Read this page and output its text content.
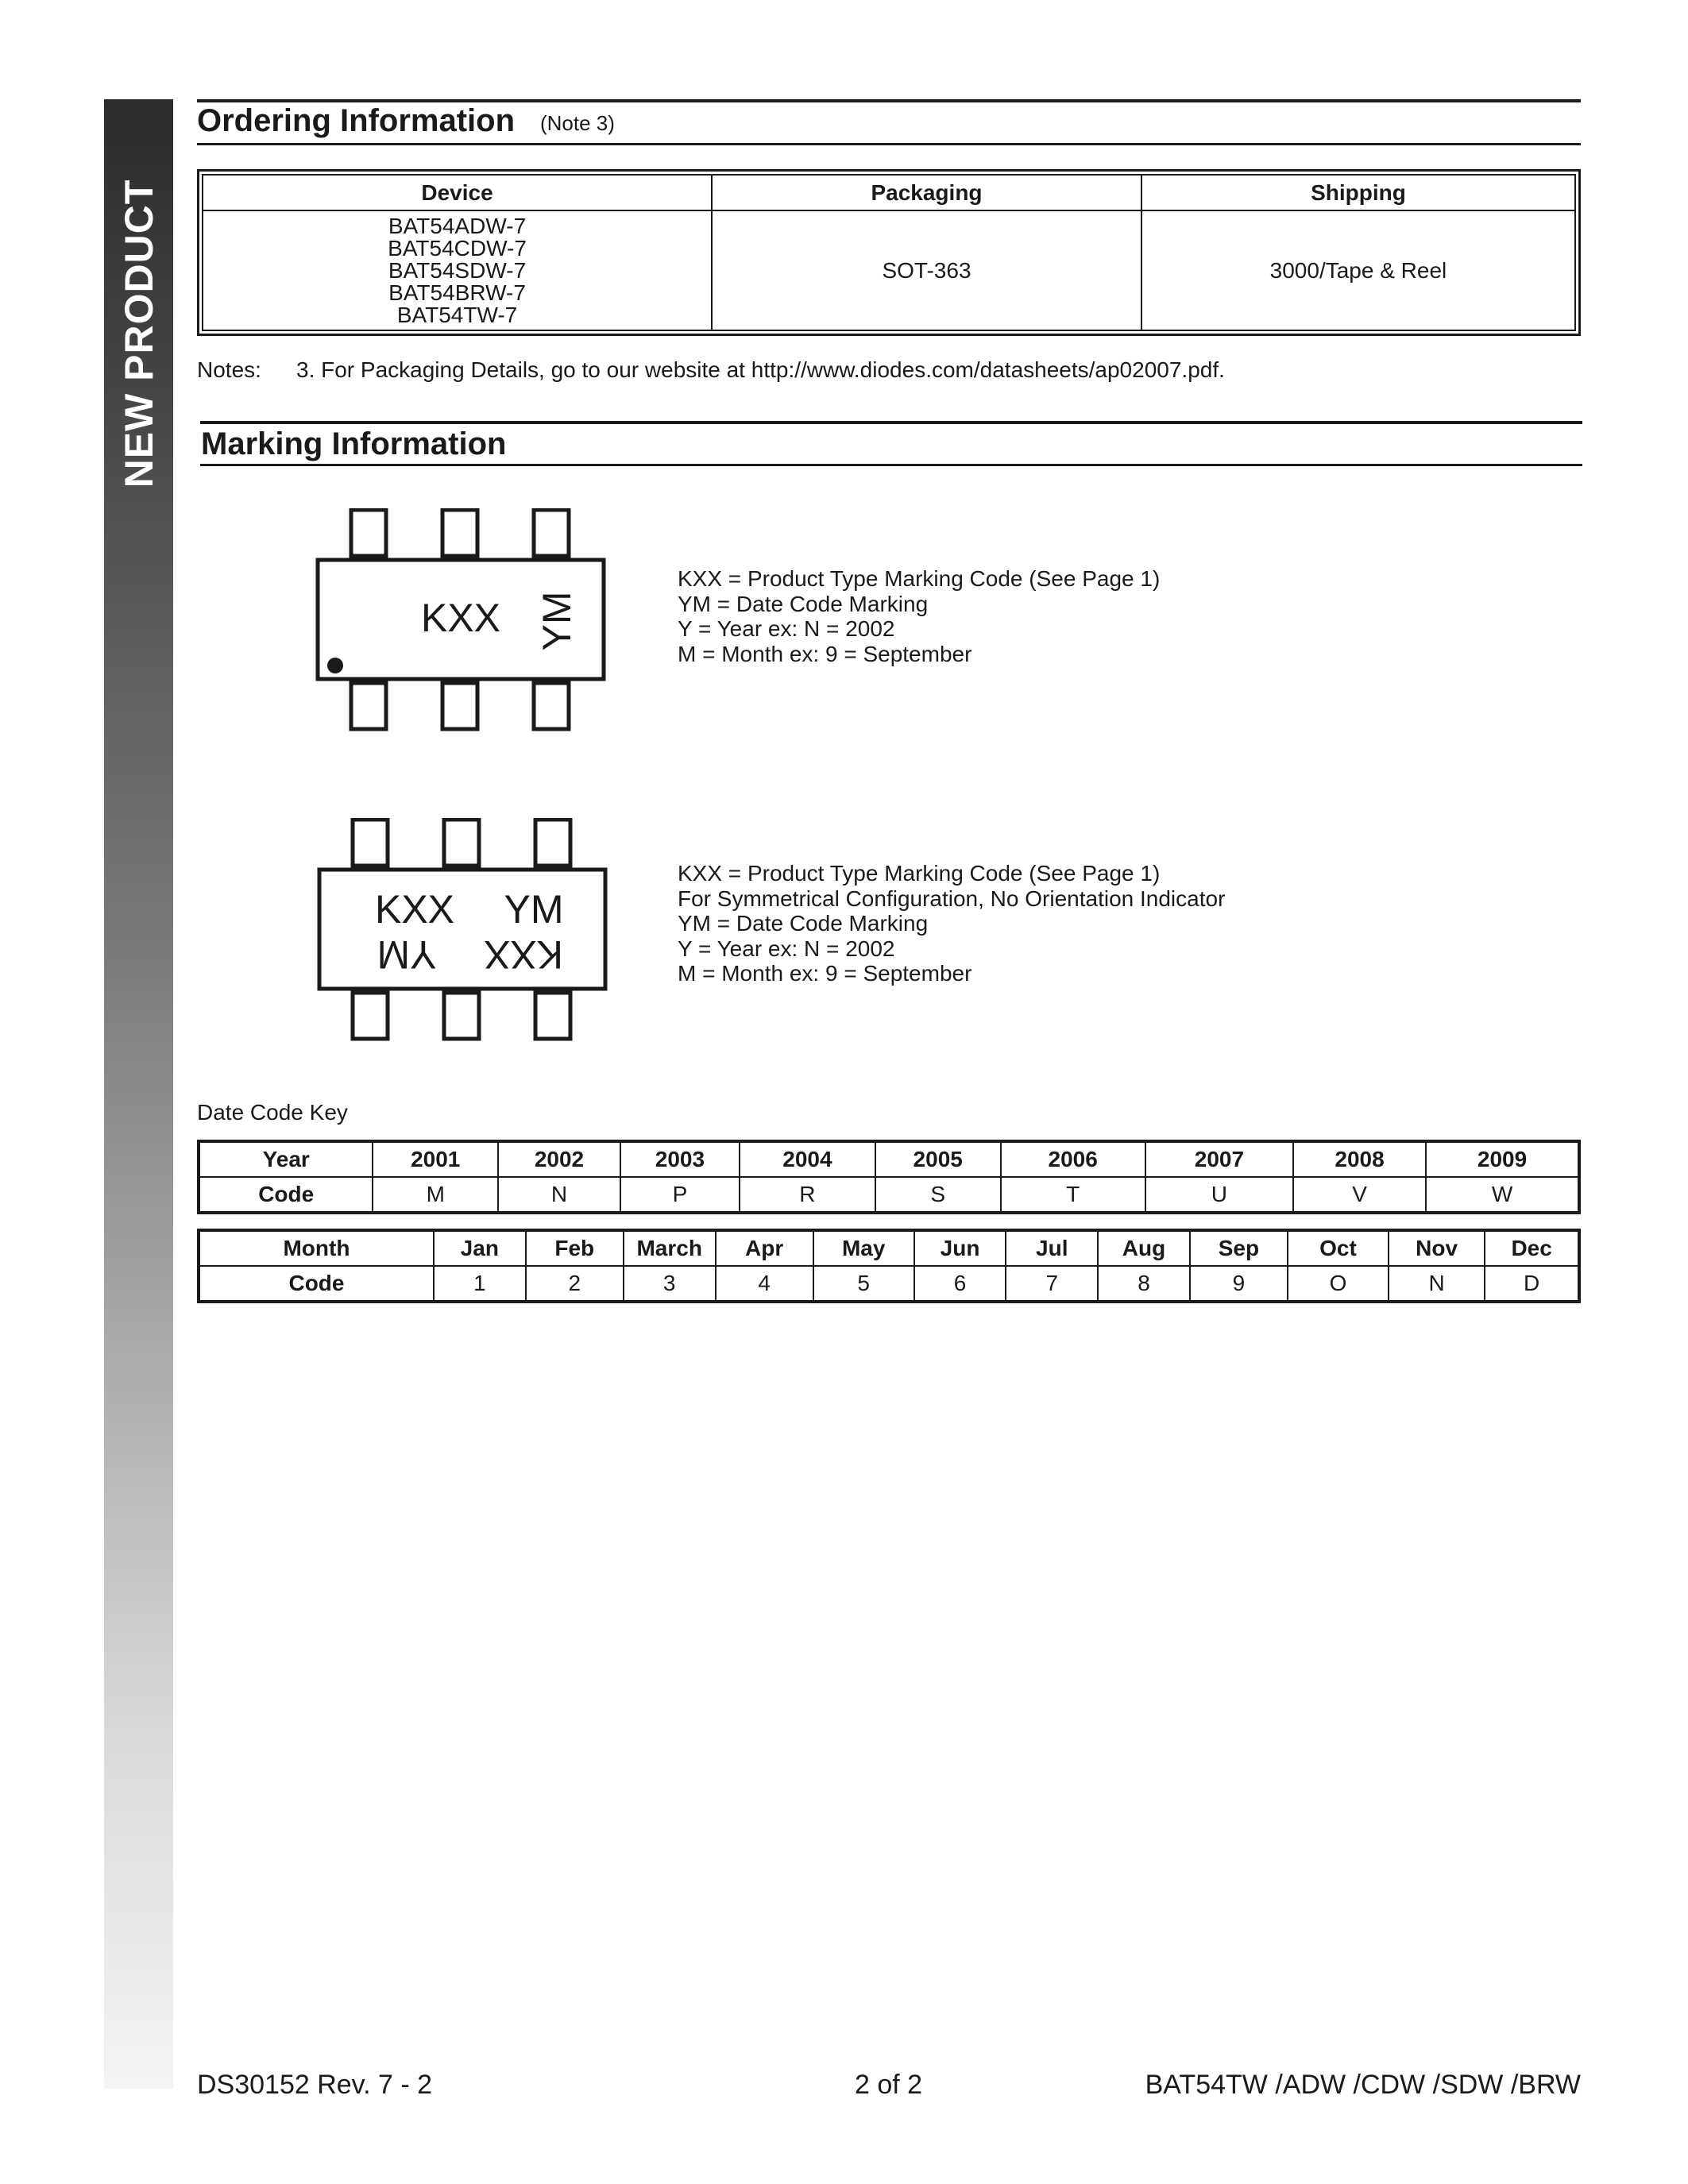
NEW PRODUCT
Ordering Information (Note 3)
Device	Packaging	Shipping

BAT54ADW-7
BAT54CDW-7
BAT54SDW-7
BAT54BRW-7
BAT54TW-7	SOT-363	3000/Tape & Reel
Notes: 3. For Packaging Details, go to our website at http://www.diodes.com/datasheets/ap02007.pdf.
Marking Information
KXX YM
KXX = Product Type Marking Code (See Page 1)
YM = Date Code Marking
Y = Year ex: N = 2002
M = Month ex: 9 = September
KXX YM
YM KXX
KXX = Product Type Marking Code (See Page 1)
For Symmetrical Configuration, No Orientation Indicator
YM = Date Code Marking
Y = Year ex: N = 2002
M = Month ex: 9 = September
Date Code Key
Year	2001	2002	2003	2004	2005	2006	2007	2008	2009
Code	M	N	P	R	S	T	U	V	W
Month	Jan	Feb	March	Apr	May	Jun	Jul	Aug	Sep	Oct	Nov	Dec
Code	1	2	3	4	5	6	7	8	9	O	N	D
DS30152 Rev. 7 - 2	2 of 2	BAT54TW /ADW /CDW /SDW /BRW
